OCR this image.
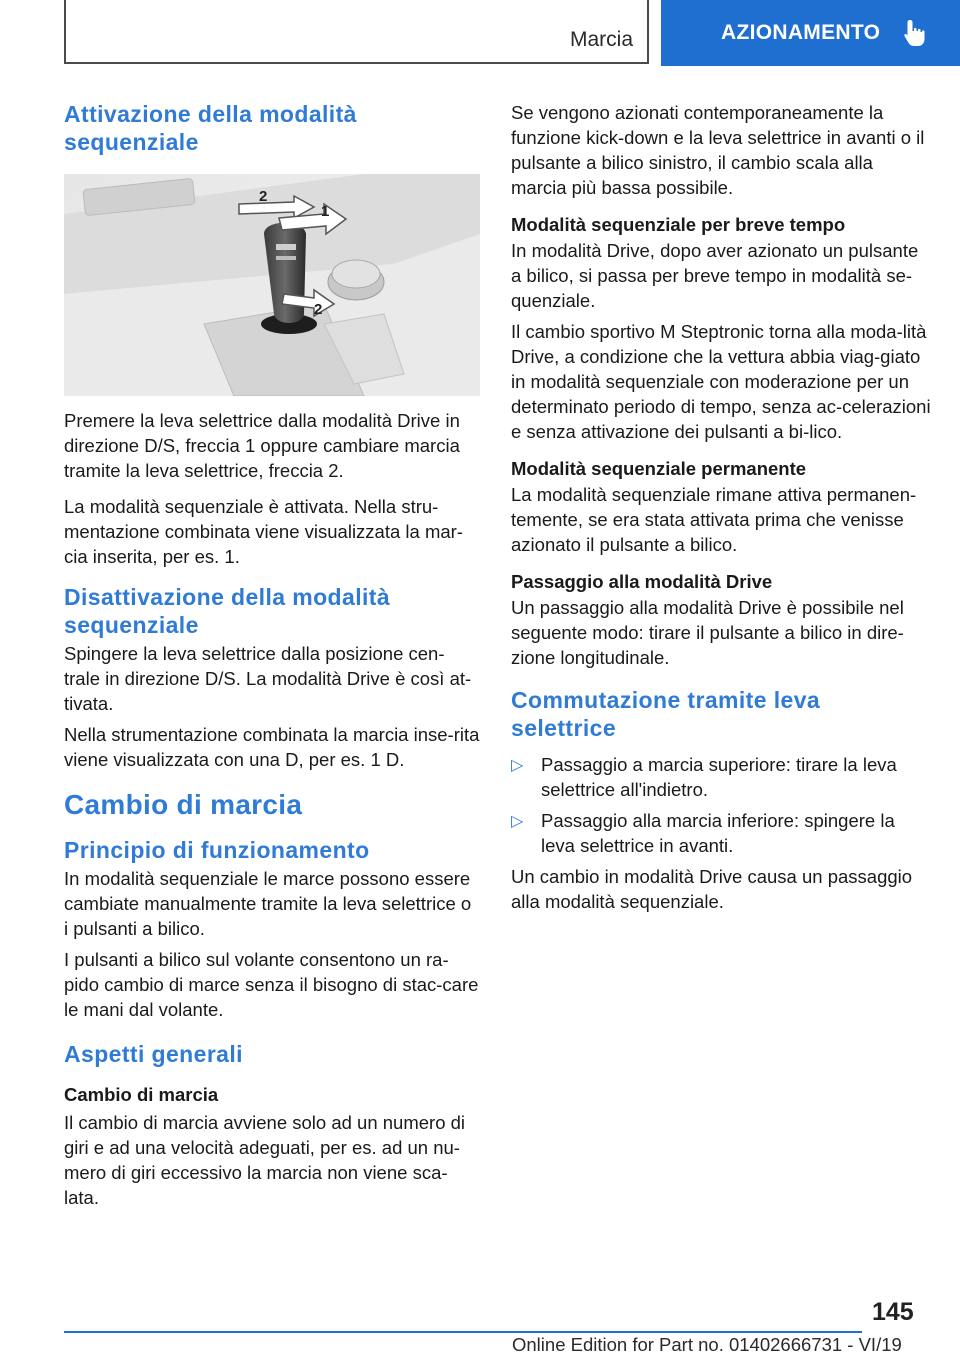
Marcia	AZIONAMENTO
Attivazione della modalità sequenziale
2
1
2

Premere la leva selettrice dalla modalità Drive in direzione D/S, freccia 1 oppure cambiare marcia tramite la leva selettrice, freccia 2.

La modalità sequenziale è attivata. Nella stru-mentazione combinata viene visualizzata la mar-cia inserita, per es. 1.

Disattivazione della modalità sequenziale

Spingere la leva selettrice dalla posizione cen-trale in direzione D/S. La modalità Drive è così at-tivata.

Nella strumentazione combinata la marcia inse-rita viene visualizzata con una D, per es. 1 D.

Cambio di marcia
Principio di funzionamento

In modalità sequenziale le marce possono essere cambiate manualmente tramite la leva selettrice o i pulsanti a bilico.

I pulsanti a bilico sul volante consentono un ra-pido cambio di marce senza il bisogno di stac-care le mani dal volante.

Aspetti generali
Cambio di marcia

Il cambio di marcia avviene solo ad un numero di giri e ad una velocità adeguati, per es. ad un nu-mero di giri eccessivo la marcia non viene sca-lata.

Se vengono azionati contemporaneamente la funzione kick-down e la leva selettrice in avanti o il pulsante a bilico sinistro, il cambio scala alla marcia più bassa possibile.

Modalità sequenziale per breve tempo

In modalità Drive, dopo aver azionato un pulsante a bilico, si passa per breve tempo in modalità se-quenziale.

Il cambio sportivo M Steptronic torna alla moda-lità Drive, a condizione che la vettura abbia viag-giato in modalità sequenziale con moderazione per un determinato periodo di tempo, senza ac-celerazioni e senza attivazione dei pulsanti a bi-lico.

Modalità sequenziale permanente

La modalità sequenziale rimane attiva permanen-temente, se era stata attivata prima che venisse azionato il pulsante a bilico.

Passaggio alla modalità Drive

Un passaggio alla modalità Drive è possibile nel seguente modo: tirare il pulsante a bilico in dire-zione longitudinale.

Commutazione tramite leva selettrice
▷ Passaggio a marcia superiore: tirare la leva selettrice all'indietro.
▷ Passaggio alla marcia inferiore: spingere la leva selettrice in avanti.

Un cambio in modalità Drive causa un passaggio alla modalità sequenziale.

145
Online Edition for Part no. 01402666731 - VI/19
